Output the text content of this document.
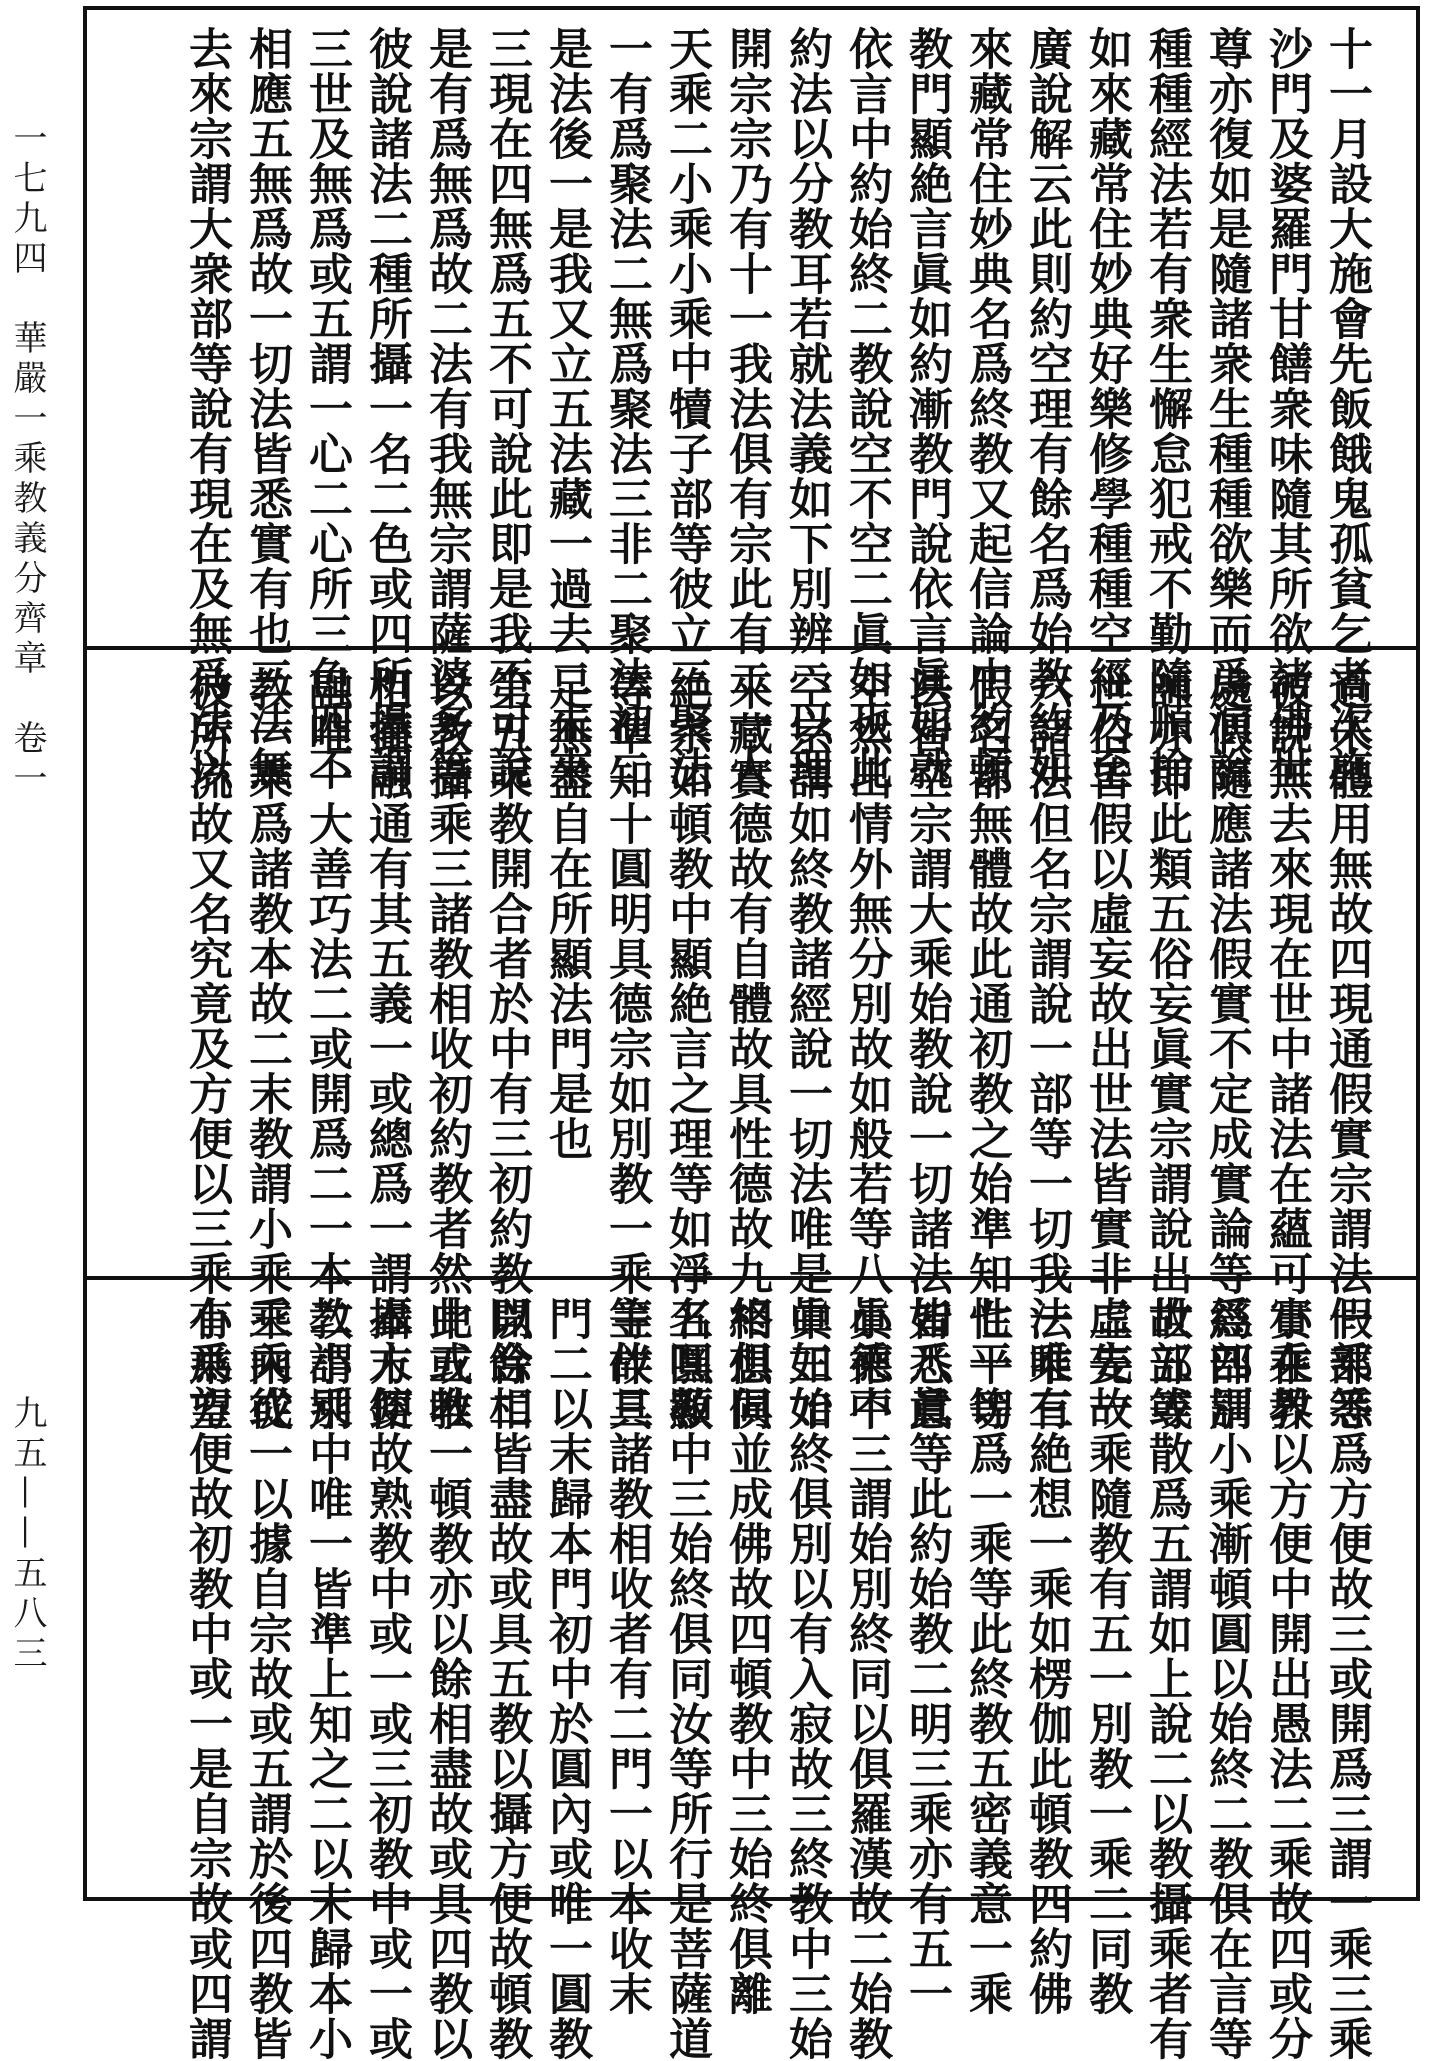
一七九四　華嚴一乘教義分齊章　卷一
九五——五八三
十一月設大施會先飯餓鬼孤貧乞者次施
沙門及婆羅門甘饍衆味隨其所欲諸佛世
尊亦復如是隨諸衆生種種欲樂而爲演說
種種經法若有衆生懈怠犯戒不勤隨順捨
如來藏常住妙典好樂修學種種空經乃至
廣說解云此則約空理有餘名爲始教約如
來藏常住妙典名爲終教又起信論中約頓
教門顯絶言眞如約漸教門說依言眞如就
依言中約始終二教說空不空二眞如也此
約法以分教耳若就法義如下別辨二以理
開宗宗乃有十一我法俱有宗此有二一人
天乘二小乘小乘中犢子部等彼立三聚法
一有爲聚法二無爲聚法三非二聚法初二
是法後一是我又立五法藏一過去二未來
三現在四無爲五不可說此即是我不可說
是有爲無爲故二法有我無宗謂薩婆多等
彼說諸法二種所攝一名二色或四所攝謂
三世及無爲或五謂一心二心所三色四不
相應五無爲故一切法皆悉實有也三法無
去來宗謂大衆部等說有現在及無爲法以
過未體用無故四現通假實宗謂法假部等
彼說無去來現在世中諸法在蘊可實在界
處假隨應諸法假實不定成實論等經部別
師亦即此類五俗妄眞實宗謂說出世部等
世俗皆假以虛妄故出世法皆實非虛妄故
六諸法但名宗謂說一部等一切我法唯有
假名都無體故此通初教之始準知七一切
法皆空宗謂大乘始教說一切諸法皆悉眞
空然出情外無分別故如般若等八眞德不
空宗謂如終教諸經說一切法唯是眞如如
來藏實德故有自體故具性德故九相想俱
絶宗如頓教中顯絶言之理等如淨名嘿顯
等準知十圓明具德宗如別教一乘主伴具
足無盡自在所顯法門是也
第五乘教開合者於中有三初約教開合二
以教攝乘三諸教相收初約教者然此五教
相攝融通有其五義一或總爲一謂本末鎔
融唯一大善巧法二或開爲二一本教謂別
教一乘爲諸教本故二末教謂小乘三乘從
彼所流故又名究竟及方便以三乘小乘望
一乘悉爲方便故三或開爲三謂一乘三乘
小乘教以方便中開出愚法二乘故四或分
爲四謂小乘漸頓圓以始終二教俱在言等
故五或散爲五謂如上說二以教攝乘者有
二先一乘隨教有五一別教一乘二同教
一乘三絶想一乘如楞伽此頓教四約佛
性平等爲一乘等此終教五密義意一乘
如八意等此約始教二明三乘亦有五一
小乘中三謂始別終同以俱羅漢故二始教
中三始終俱別以有入寂故三終教中三始
終俱同並成佛故四頓教中三始終俱離
五圓教中三始終俱同汝等所行是菩薩道
等故三諸教相收者有二門一以本收末
門二以末歸本門初中於圓內或唯一圓教
以餘相皆盡故或具五教以攝方便故頓教
中或唯一頓教亦以餘相盡故或具四教以
攝方便故熟教中或一或三初教中或一或
二小乘中唯一皆準上知之二以末歸本小
乘內或一以據自宗故或五謂於後四教皆
有爲方便故初教中或一是自宗故或四謂
